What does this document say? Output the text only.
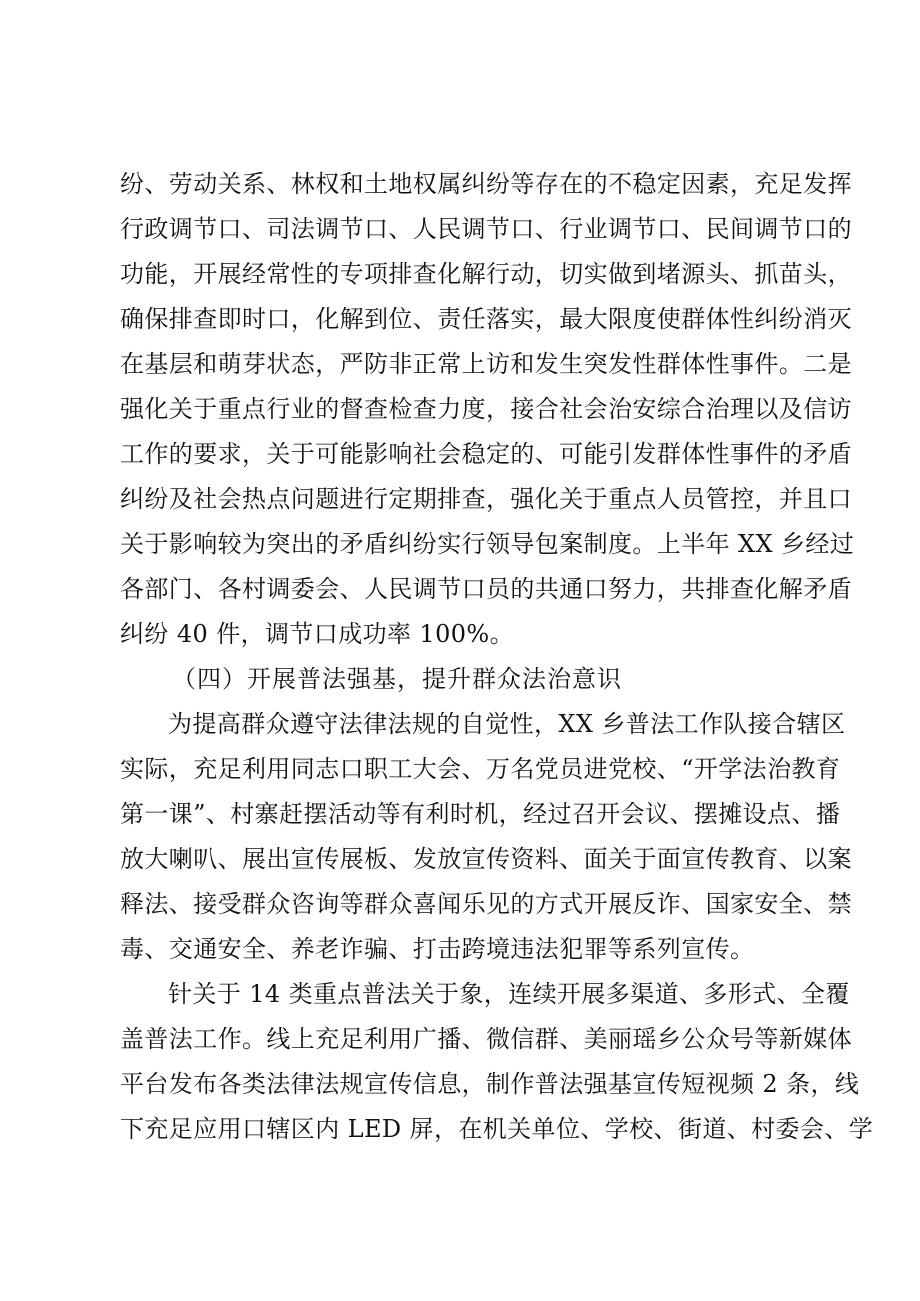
纷、劳动关系、林权和土地权属纠纷等存在的不稳定因素，充足发挥
行政调节口、司法调节口、人民调节口、行业调节口、民间调节口的
功能，开展经常性的专项排查化解行动，切实做到堵源头、抓苗头，
确保排查即时口，化解到位、责任落实，最大限度使群体性纠纷消灭
在基层和萌芽状态，严防非正常上访和发生突发性群体性事件。二是
强化关于重点行业的督查检查力度，接合社会治安综合治理以及信访
工作的要求，关于可能影响社会稳定的、可能引发群体性事件的矛盾
纠纷及社会热点问题进行定期排查，强化关于重点人员管控，并且口
关于影响较为突出的矛盾纠纷实行领导包案制度。上半年 XX 乡经过
各部门、各村调委会、人民调节口员的共通口努力，共排查化解矛盾
纠纷 40 件，调节口成功率 100%。
（四）开展普法强基，提升群众法治意识
为提高群众遵守法律法规的自觉性，XX 乡普法工作队接合辖区
实际，充足利用同志口职工大会、万名党员进党校、“开学法治教育
第一课”、村寨赶摆活动等有利时机，经过召开会议、摆摊设点、播
放大喇叭、展出宣传展板、发放宣传资料、面关于面宣传教育、以案
释法、接受群众咨询等群众喜闻乐见的方式开展反诈、国家安全、禁
毒、交通安全、养老诈骗、打击跨境违法犯罪等系列宣传。
针关于 14 类重点普法关于象，连续开展多渠道、多形式、全覆
盖普法工作。线上充足利用广播、微信群、美丽瑶乡公众号等新媒体
平台发布各类法律法规宣传信息，制作普法强基宣传短视频 2 条，线
下充足应用口辖区内 LED 屏，在机关单位、学校、街道、村委会、学
